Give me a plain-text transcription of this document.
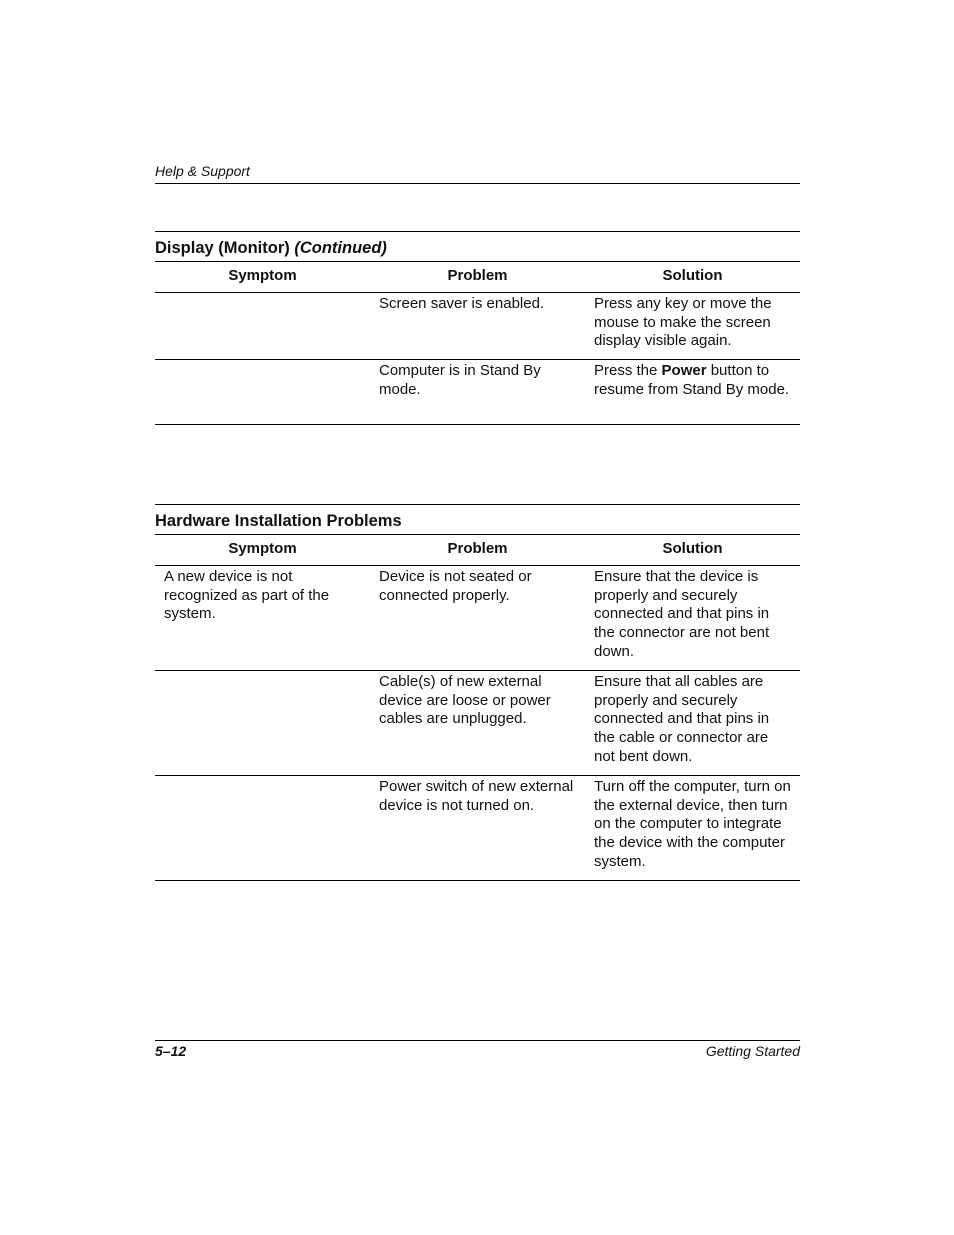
Help & Support
Display (Monitor) (Continued)
Symptom	Problem	Solution
	Screen saver is enabled.	Press any key or move the mouse to make the screen display visible again.
	Computer is in Stand By mode.	Press the Power button to resume from Stand By mode.
Hardware Installation Problems
Symptom	Problem	Solution
A new device is not recognized as part of the system.	Device is not seated or connected properly.	Ensure that the device is properly and securely connected and that pins in the connector are not bent down.
	Cable(s) of new external device are loose or power cables are unplugged.	Ensure that all cables are properly and securely connected and that pins in the cable or connector are not bent down.
	Power switch of new external device is not turned on.	Turn off the computer, turn on the external device, then turn on the computer to integrate the device with the computer system.
5–12	Getting Started
